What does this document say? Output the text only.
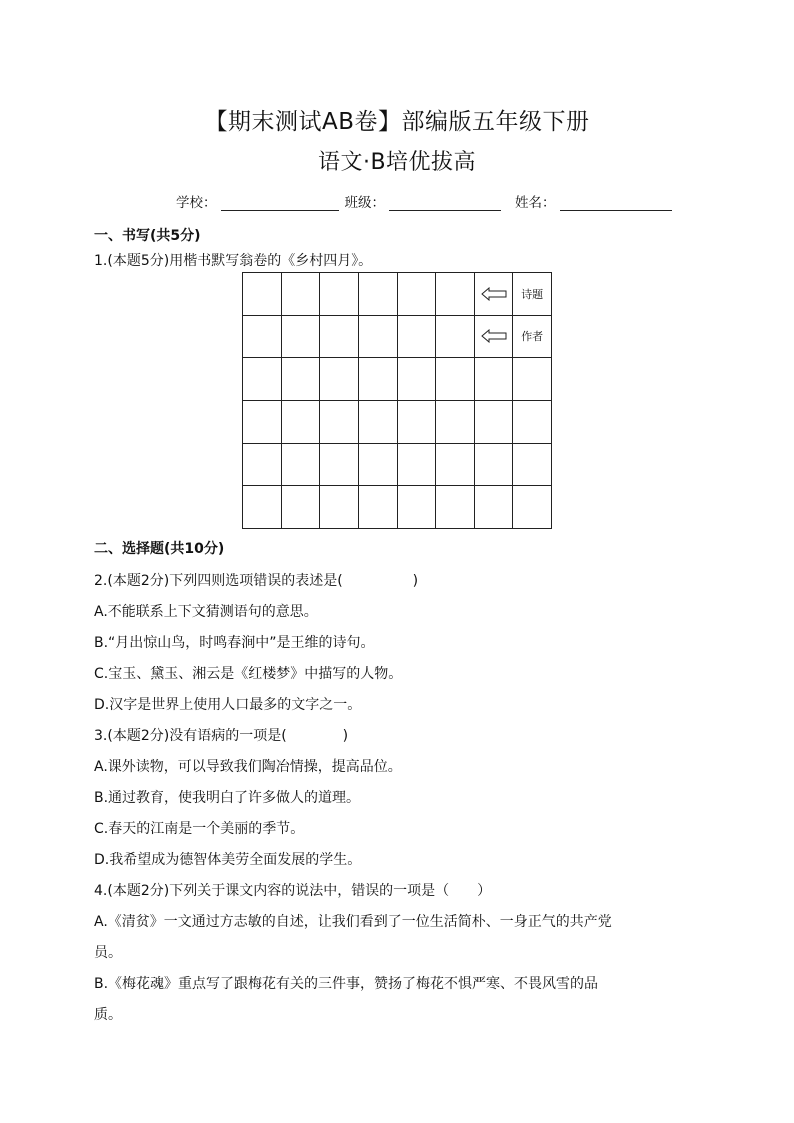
【期末测试AB卷】部编版五年级下册
语文·B培优拔高
学校：	班级：	姓名：
一、书写(共5分)
1.(本题5分)用楷书默写翁卷的《乡村四月》。
诗题
作者
二、选择题(共10分)
2.(本题2分)下列四则选项错误的表述是(　　　　　)
A.不能联系上下文猜测语句的意思。
B.“月出惊山鸟，时鸣春涧中”是王维的诗句。
C.宝玉、黛玉、湘云是《红楼梦》中描写的人物。
D.汉字是世界上使用人口最多的文字之一。
3.(本题2分)没有语病的一项是(　　　　)
A.课外读物，可以导致我们陶冶情操，提高品位。
B.通过教育，使我明白了许多做人的道理。
C.春天的江南是一个美丽的季节。
D.我希望成为德智体美劳全面发展的学生。
4.(本题2分)下列关于课文内容的说法中，错误的一项是（　　）
A.《清贫》一文通过方志敏的自述，让我们看到了一位生活简朴、一身正气的共产党
员。
B.《梅花魂》重点写了跟梅花有关的三件事，赞扬了梅花不惧严寒、不畏风雪的品
质。
